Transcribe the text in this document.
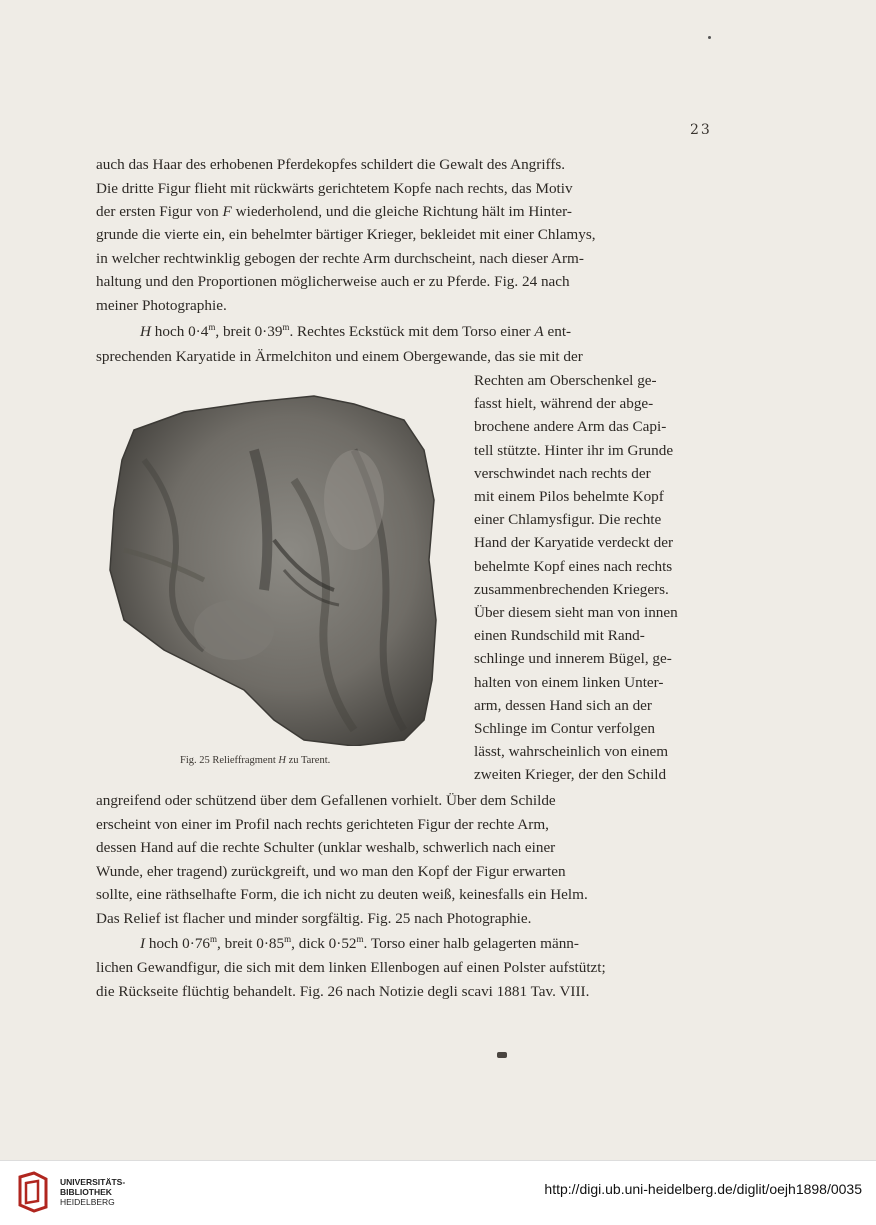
23
auch das Haar des erhobenen Pferdekopfes schildert die Gewalt des Angriffs.
Die dritte Figur flieht mit rückwärts gerichtetem Kopfe nach rechts, das Motiv
der ersten Figur von F wiederholend, und die gleiche Richtung hält im Hinter-
grunde die vierte ein, ein behelmter bärtiger Krieger, bekleidet mit einer Chlamys,
in welcher rechtwinklig gebogen der rechte Arm durchscheint, nach dieser Arm-
haltung und den Proportionen möglicherweise auch er zu Pferde. Fig. 24 nach
meiner Photographie.
H hoch $0\cdot 4^m$, breit $0\cdot 39^m$. Rechtes Eckstück mit dem Torso einer A ent-
sprechenden Karyatide in Ärmelchiton und einem Obergewande, das sie mit der
Rechten am Oberschenkel ge-
fasst hielt, während der abge-
brochene andere Arm das Capi-
tell stützte. Hinter ihr im Grunde
verschwindet nach rechts der
mit einem Pilos behelmte Kopf
einer Chlamysfigur. Die rechte
Hand der Karyatide verdeckt der
behelmte Kopf eines nach rechts
zusammenbrechenden Kriegers.
Über diesem sieht man von innen
einen Rundschild mit Rand-
schlinge und innerem Bügel, ge-
halten von einem linken Unter-
arm, dessen Hand sich an der
Schlinge im Contur verfolgen
lässt, wahrscheinlich von einem
zweiten Krieger, der den Schild
Fig. 25 Relieffragment H zu Tarent.
angreifend oder schützend über dem Gefallenen vorhielt. Über dem Schilde
erscheint von einer im Profil nach rechts gerichteten Figur der rechte Arm,
dessen Hand auf die rechte Schulter (unklar weshalb, schwerlich nach einer
Wunde, eher tragend) zurückgreift, und wo man den Kopf der Figur erwarten
sollte, eine räthselhafte Form, die ich nicht zu deuten weiß, keinesfalls ein Helm.
Das Relief ist flacher und minder sorgfältig. Fig. 25 nach Photographie.
I hoch $0\cdot 76^m$, breit $0\cdot 85^m$, dick $0\cdot 52^m$. Torso einer halb gelagerten männ-
lichen Gewandfigur, die sich mit dem linken Ellenbogen auf einen Polster aufstützt;
die Rückseite flüchtig behandelt. Fig. 26 nach Notizie degli scavi 1881 Tav. VIII.
UNIVERSITÄTS-
BIBLIOTHEK
HEIDELBERG
http://digi.ub.uni-heidelberg.de/diglit/oejh1898/0035
